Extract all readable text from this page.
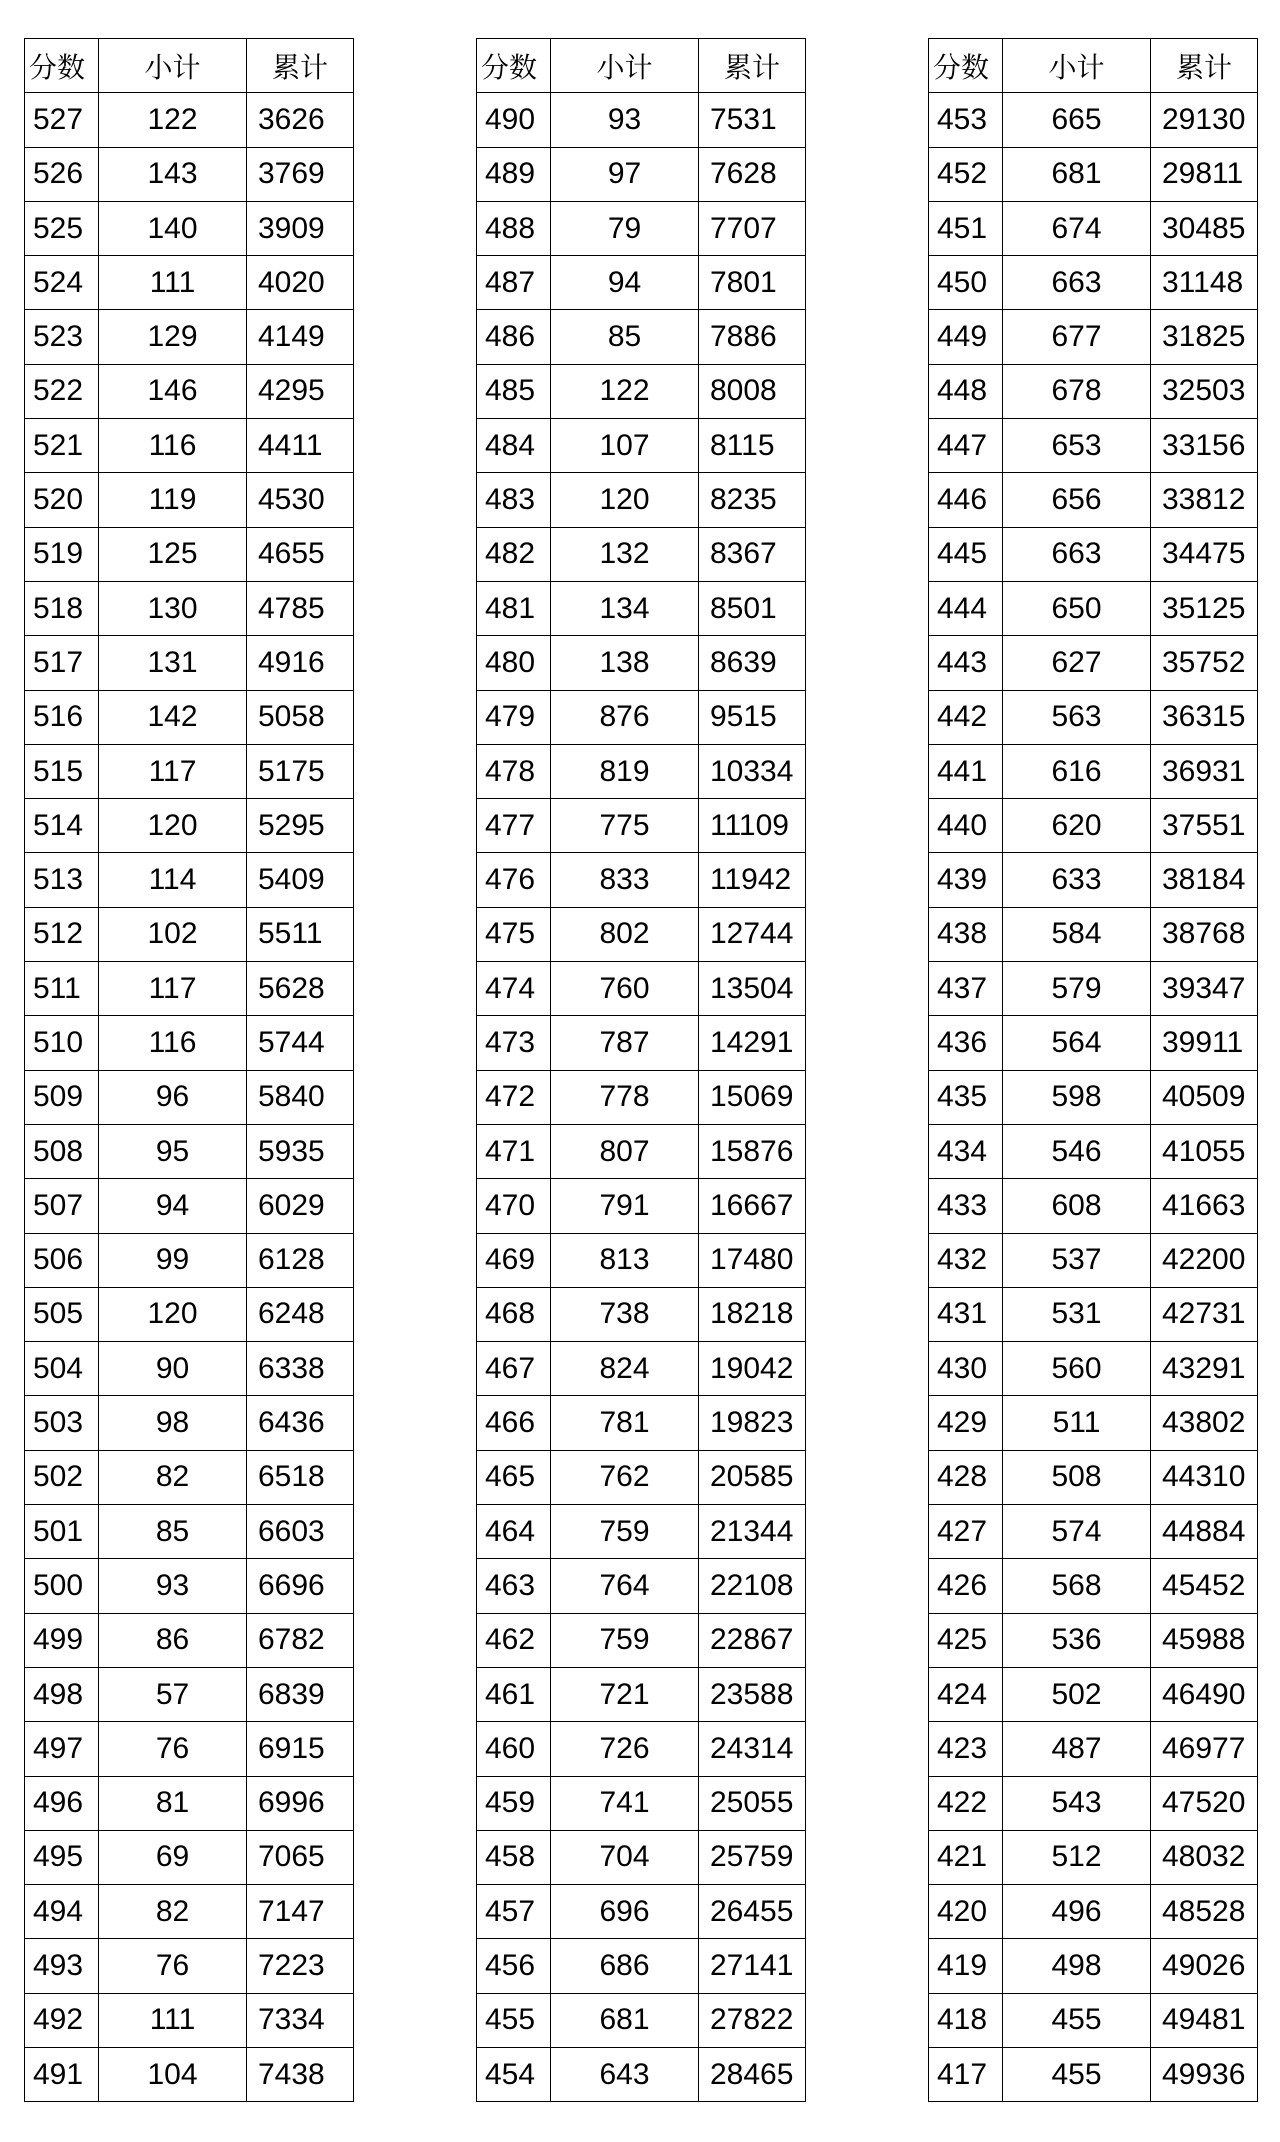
分数	小计	累计
527	122	3626
526	143	3769
525	140	3909
524	111	4020
523	129	4149
522	146	4295
521	116	4411
520	119	4530
519	125	4655
518	130	4785
517	131	4916
516	142	5058
515	117	5175
514	120	5295
513	114	5409
512	102	5511
511	117	5628
510	116	5744
509	96	5840
508	95	5935
507	94	6029
506	99	6128
505	120	6248
504	90	6338
503	98	6436
502	82	6518
501	85	6603
500	93	6696
499	86	6782
498	57	6839
497	76	6915
496	81	6996
495	69	7065
494	82	7147
493	76	7223
492	111	7334
491	104	7438
分数	小计	累计
490	93	7531
489	97	7628
488	79	7707
487	94	7801
486	85	7886
485	122	8008
484	107	8115
483	120	8235
482	132	8367
481	134	8501
480	138	8639
479	876	9515
478	819	10334
477	775	11109
476	833	11942
475	802	12744
474	760	13504
473	787	14291
472	778	15069
471	807	15876
470	791	16667
469	813	17480
468	738	18218
467	824	19042
466	781	19823
465	762	20585
464	759	21344
463	764	22108
462	759	22867
461	721	23588
460	726	24314
459	741	25055
458	704	25759
457	696	26455
456	686	27141
455	681	27822
454	643	28465
分数	小计	累计
453	665	29130
452	681	29811
451	674	30485
450	663	31148
449	677	31825
448	678	32503
447	653	33156
446	656	33812
445	663	34475
444	650	35125
443	627	35752
442	563	36315
441	616	36931
440	620	37551
439	633	38184
438	584	38768
437	579	39347
436	564	39911
435	598	40509
434	546	41055
433	608	41663
432	537	42200
431	531	42731
430	560	43291
429	511	43802
428	508	44310
427	574	44884
426	568	45452
425	536	45988
424	502	46490
423	487	46977
422	543	47520
421	512	48032
420	496	48528
419	498	49026
418	455	49481
417	455	49936
